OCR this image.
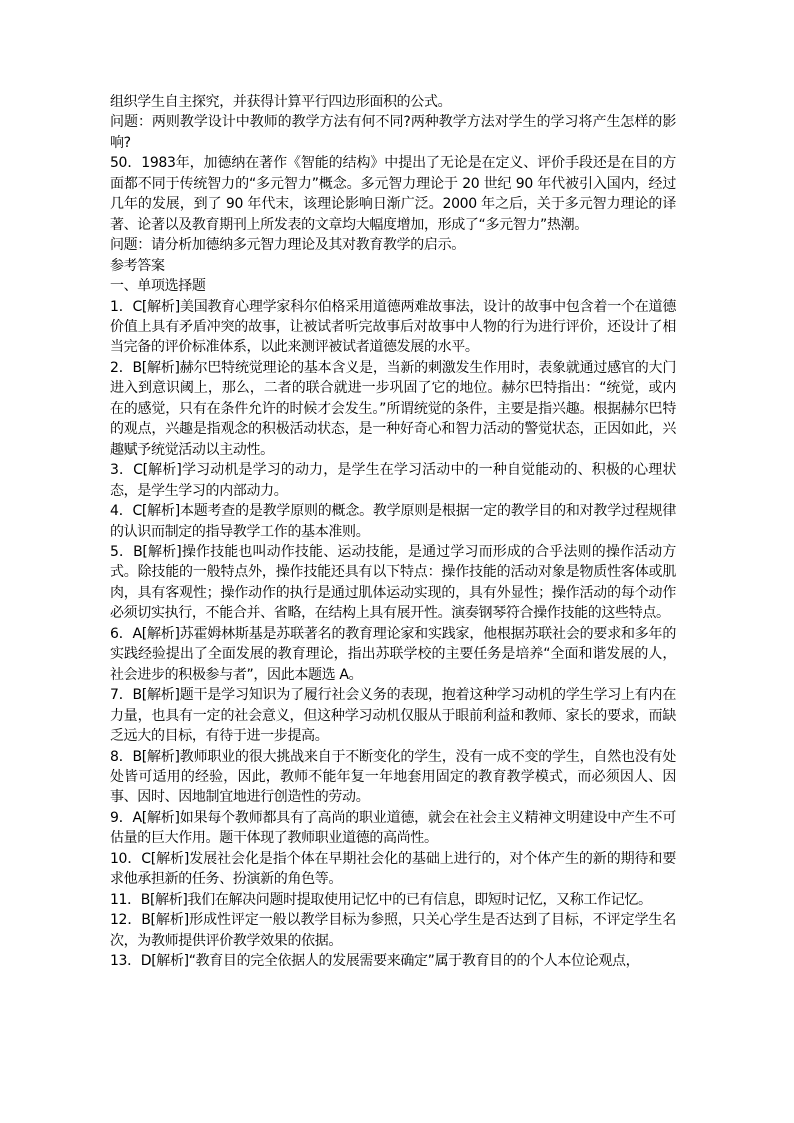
组织学生自主探究，并获得计算平行四边形面积的公式。

问题：两则教学设计中教师的教学方法有何不同?两种教学方法对学生的学习将产生怎样的影响?

50．1983年，加德纳在著作《智能的结构》中提出了无论是在定义、评价手段还是在目的方面都不同于传统智力的“多元智力”概念。多元智力理论于 20 世纪 90 年代被引入国内，经过几年的发展，到了 90 年代末，该理论影响日渐广泛。2000 年之后，关于多元智力理论的译著、论著以及教育期刊上所发表的文章均大幅度增加，形成了“多元智力”热潮。

问题：请分析加德纳多元智力理论及其对教育教学的启示。

参考答案

一、单项选择题

1．C[解析]美国教育心理学家科尔伯格采用道德两难故事法，设计的故事中包含着一个在道德价值上具有矛盾冲突的故事，让被试者听完故事后对故事中人物的行为进行评价，还设计了相当完备的评价标准体系，以此来测评被试者道德发展的水平。

2．B[解析]赫尔巴特统觉理论的基本含义是，当新的刺激发生作用时，表象就通过感官的大门进入到意识阈上，那么，二者的联合就进一步巩固了它的地位。赫尔巴特指出：“统觉，或内在的感觉，只有在条件允许的时候才会发生。”所谓统觉的条件，主要是指兴趣。根据赫尔巴特的观点，兴趣是指观念的积极活动状态，是一种好奇心和智力活动的警觉状态，正因如此，兴趣赋予统觉活动以主动性。

3．C[解析]学习动机是学习的动力，是学生在学习活动中的一种自觉能动的、积极的心理状态，是学生学习的内部动力。

4．C[解析]本题考查的是教学原则的概念。教学原则是根据一定的教学目的和对教学过程规律的认识而制定的指导教学工作的基本准则。

5．B[解析]操作技能也叫动作技能、运动技能，是通过学习而形成的合乎法则的操作活动方式。除技能的一般特点外，操作技能还具有以下特点：操作技能的活动对象是物质性客体或肌肉，具有客观性；操作动作的执行是通过肌体运动实现的，具有外显性；操作活动的每个动作必须切实执行，不能合并、省略，在结构上具有展开性。演奏钢琴符合操作技能的这些特点。

6．A[解析]苏霍姆林斯基是苏联著名的教育理论家和实践家，他根据苏联社会的要求和多年的实践经验提出了全面发展的教育理论，指出苏联学校的主要任务是培养“全面和谐发展的人，社会进步的积极参与者”，因此本题选 A。

7．B[解析]题干是学习知识为了履行社会义务的表现，抱着这种学习动机的学生学习上有内在力量，也具有一定的社会意义，但这种学习动机仅服从于眼前利益和教师、家长的要求，而缺乏远大的目标，有待于进一步提高。

8．B[解析]教师职业的很大挑战来自于不断变化的学生，没有一成不变的学生，自然也没有处处皆可适用的经验，因此，教师不能年复一年地套用固定的教育教学模式，而必须因人、因事、因时、因地制宜地进行创造性的劳动。

9．A[解析]如果每个教师都具有了高尚的职业道德，就会在社会主义精神文明建设中产生不可估量的巨大作用。题干体现了教师职业道德的高尚性。

10．C[解析]发展社会化是指个体在早期社会化的基础上进行的，对个体产生的新的期待和要求他承担新的任务、扮演新的角色等。

11．B[解析]我们在解决问题时提取使用记忆中的已有信息，即短时记忆，又称工作记忆。

12．B[解析]形成性评定一般以教学目标为参照，只关心学生是否达到了目标，不评定学生名次，为教师提供评价教学效果的依据。

13．D[解析]“教育目的完全依据人的发展需要来确定”属于教育目的的个人本位论观点，
